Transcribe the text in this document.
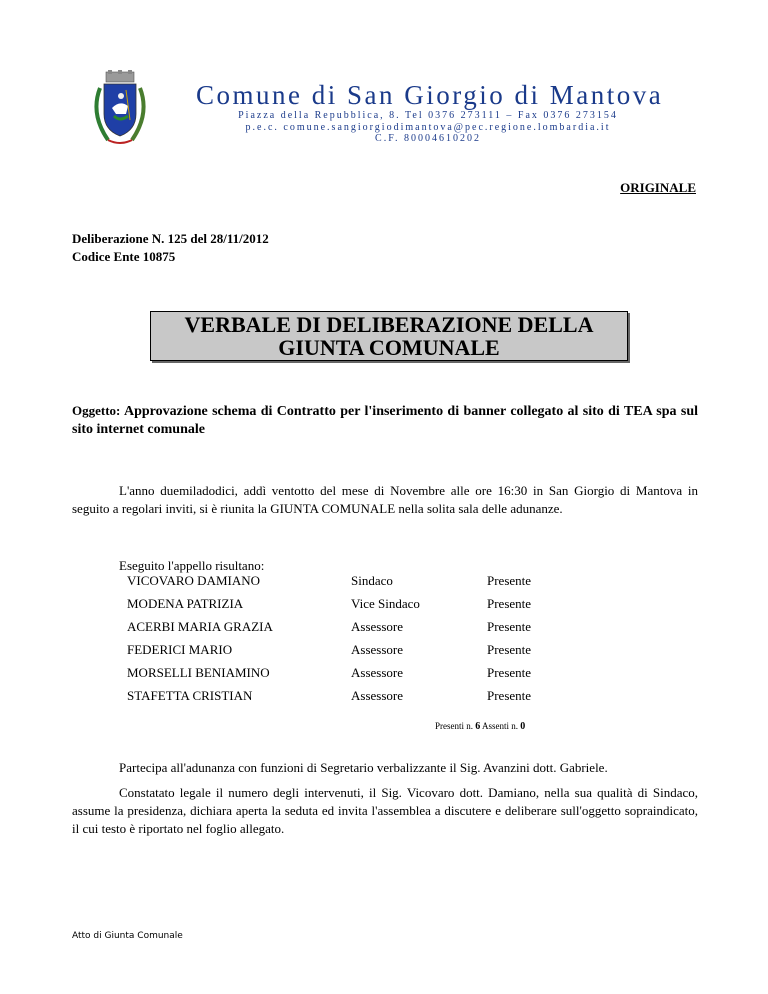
Comune di San Giorgio di Mantova
Piazza della Repubblica, 8. Tel 0376 273111 – Fax 0376 273154
p.e.c. comune.sangiorgiodimantova@pec.regione.lombardia.it
C.F. 80004610202
ORIGINALE
Deliberazione N. 125 del 28/11/2012
Codice Ente 10875
VERBALE DI DELIBERAZIONE DELLA
GIUNTA COMUNALE
Oggetto: Approvazione schema di Contratto per l'inserimento di banner collegato al sito di TEA spa sul sito internet comunale
L'anno duemiladodici, addì ventotto del mese di Novembre alle ore 16:30 in San Giorgio di Mantova in seguito a regolari inviti, si è riunita la GIUNTA COMUNALE nella solita sala delle adunanze.
Eseguito l'appello risultano:
VICOVARO DAMIANO	Sindaco	Presente
MODENA PATRIZIA	Vice Sindaco	Presente
ACERBI MARIA GRAZIA	Assessore	Presente
FEDERICI MARIO	Assessore	Presente
MORSELLI BENIAMINO	Assessore	Presente
STAFETTA CRISTIAN	Assessore	Presente
Presenti n. 6 Assenti n. 0
Partecipa all'adunanza con funzioni di Segretario verbalizzante il Sig. Avanzini dott. Gabriele.
Constatato legale il numero degli intervenuti, il Sig. Vicovaro dott. Damiano, nella sua qualità di Sindaco, assume la presidenza, dichiara aperta la seduta ed invita l'assemblea a discutere e deliberare sull'oggetto sopraindicato, il cui testo è riportato nel foglio allegato.
Atto di Giunta Comunale
